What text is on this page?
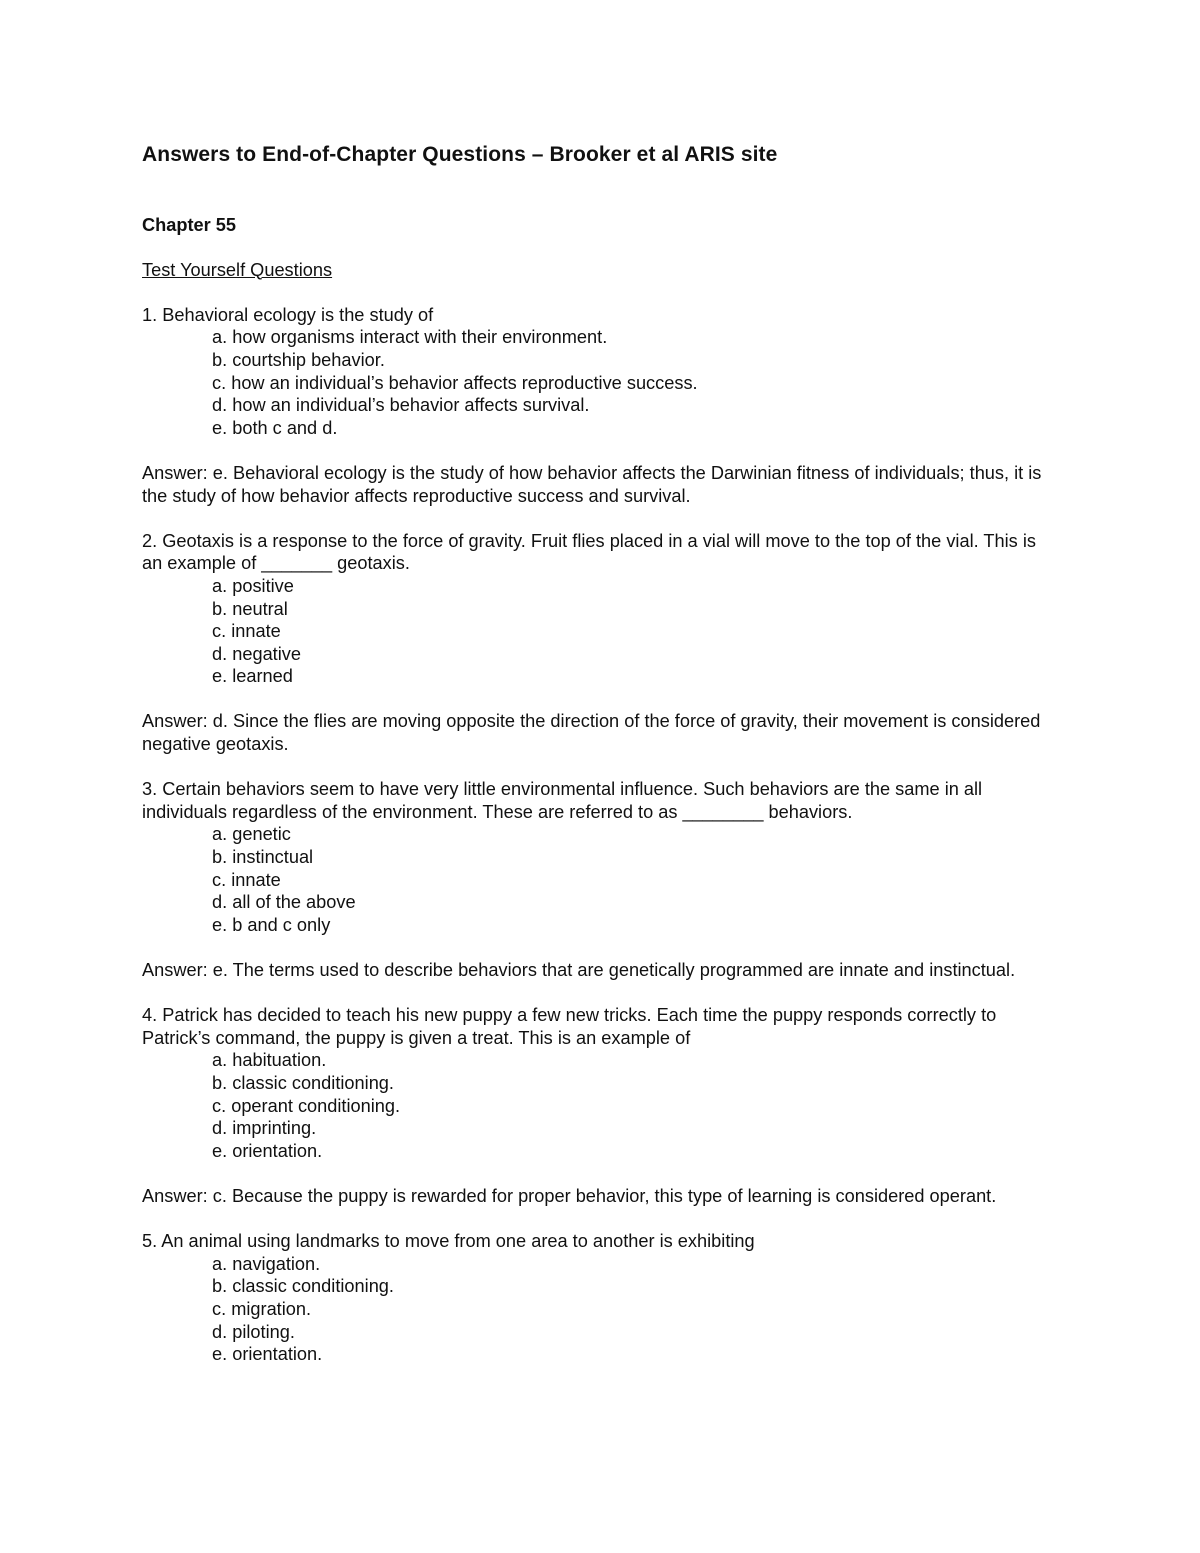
Answers to End-of-Chapter Questions – Brooker et al ARIS site
Chapter 55
Test Yourself Questions

1. Behavioral ecology is the study of

a. how organisms interact with their environment.
b. courtship behavior.
c. how an individual’s behavior affects reproductive success.
d. how an individual’s behavior affects survival.
e. both c and d.

Answer: e. Behavioral ecology is the study of how behavior affects the Darwinian fitness of individuals; thus, it is the study of how behavior affects reproductive success and survival.

2. Geotaxis is a response to the force of gravity. Fruit flies placed in a vial will move to the top of the vial. This is an example of _______ geotaxis.

a. positive
b. neutral
c. innate
d. negative
e. learned

Answer: d. Since the flies are moving opposite the direction of the force of gravity, their movement is considered negative geotaxis.

3. Certain behaviors seem to have very little environmental influence. Such behaviors are the same in all individuals regardless of the environment. These are referred to as ________ behaviors.

a. genetic
b. instinctual
c. innate
d. all of the above
e. b and c only

Answer: e. The terms used to describe behaviors that are genetically programmed are innate and instinctual.

4. Patrick has decided to teach his new puppy a few new tricks. Each time the puppy responds correctly to Patrick’s command, the puppy is given a treat. This is an example of

a. habituation.
b. classic conditioning.
c. operant conditioning.
d. imprinting.
e. orientation.

Answer: c. Because the puppy is rewarded for proper behavior, this type of learning is considered operant.

5. An animal using landmarks to move from one area to another is exhibiting

a. navigation.
b. classic conditioning.
c. migration.
d. piloting.
e. orientation.
